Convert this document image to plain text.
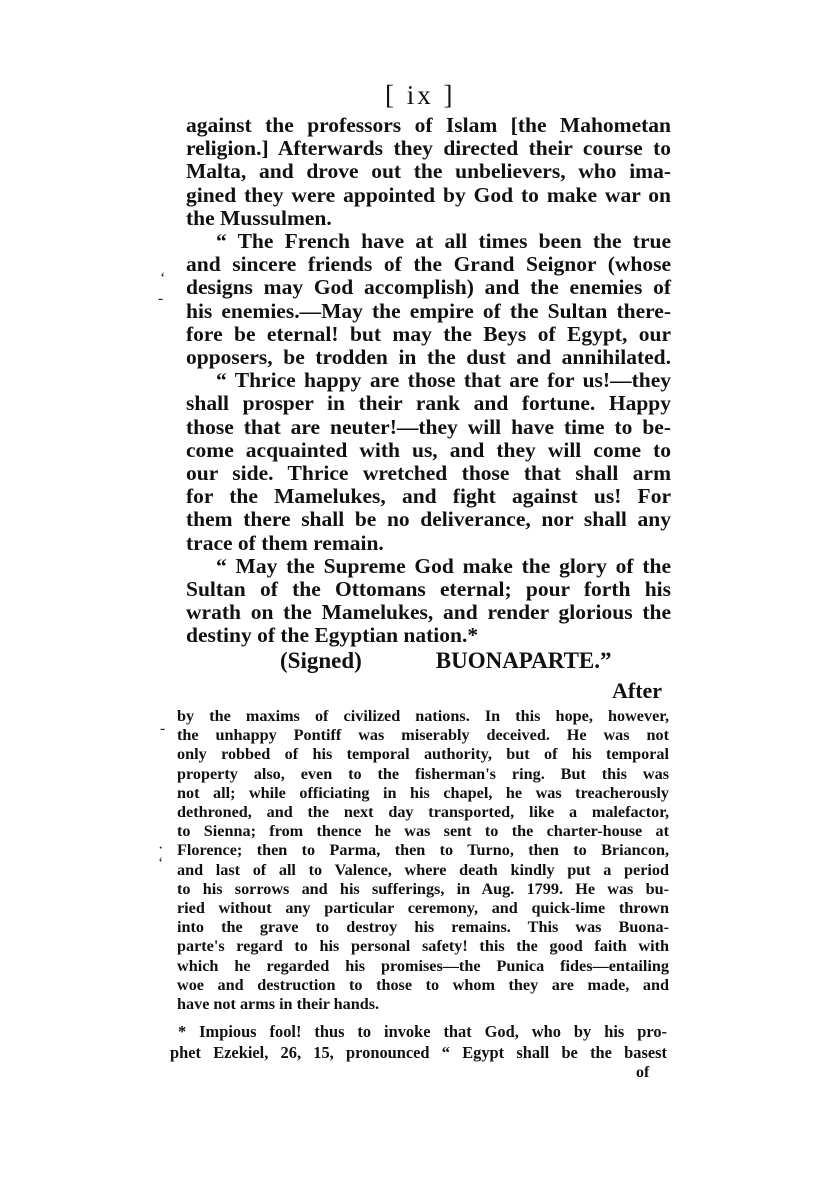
[ ix ]
against the professors of Islam [the Mahometan
religion.] Afterwards they directed their course to
Malta, and drove out the unbelievers, who ima-
gined they were appointed by God to make war on
the Mussulmen.
“ The French have at all times been the true
and sincere friends of the Grand Seignor (whose
designs may God accomplish) and the enemies of
his enemies.—May the empire of the Sultan there-
fore be eternal! but may the Beys of Egypt, our
opposers, be trodden in the dust and annihilated.
“ Thrice happy are those that are for us!—they
shall prosper in their rank and fortune. Happy
those that are neuter!—they will have time to be-
come acquainted with us, and they will come to
our side. Thrice wretched those that shall arm
for the Mamelukes, and fight against us! For
them there shall be no deliverance, nor shall any
trace of them remain.
“ May the Supreme God make the glory of the
Sultan of the Ottomans eternal; pour forth his
wrath on the Mamelukes, and render glorious the
destiny of the Egyptian nation.*
(Signed)	BUONAPARTE.”
After
by the maxims of civilized nations. In this hope, however,
the unhappy Pontiff was miserably deceived. He was not
only robbed of his temporal authority, but of his temporal
property also, even to the fisherman's ring. But this was
not all; while officiating in his chapel, he was treacherously
dethroned, and the next day transported, like a malefactor,
to Sienna; from thence he was sent to the charter-house at
Florence; then to Parma, then to Turno, then to Briancon,
and last of all to Valence, where death kindly put a period
to his sorrows and his sufferings, in Aug. 1799. He was bu-
ried without any particular ceremony, and quick-lime thrown
into the grave to destroy his remains. This was Buona-
parte's regard to his personal safety! this the good faith with
which he regarded his promises—the Punica fides—entailing
woe and destruction to those to whom they are made, and
have not arms in their hands.
* Impious fool! thus to invoke that God, who by his pro-
phet Ezekiel, 26, 15, pronounced “ Egypt shall be the basest
of
‘
-
-
·
‘
